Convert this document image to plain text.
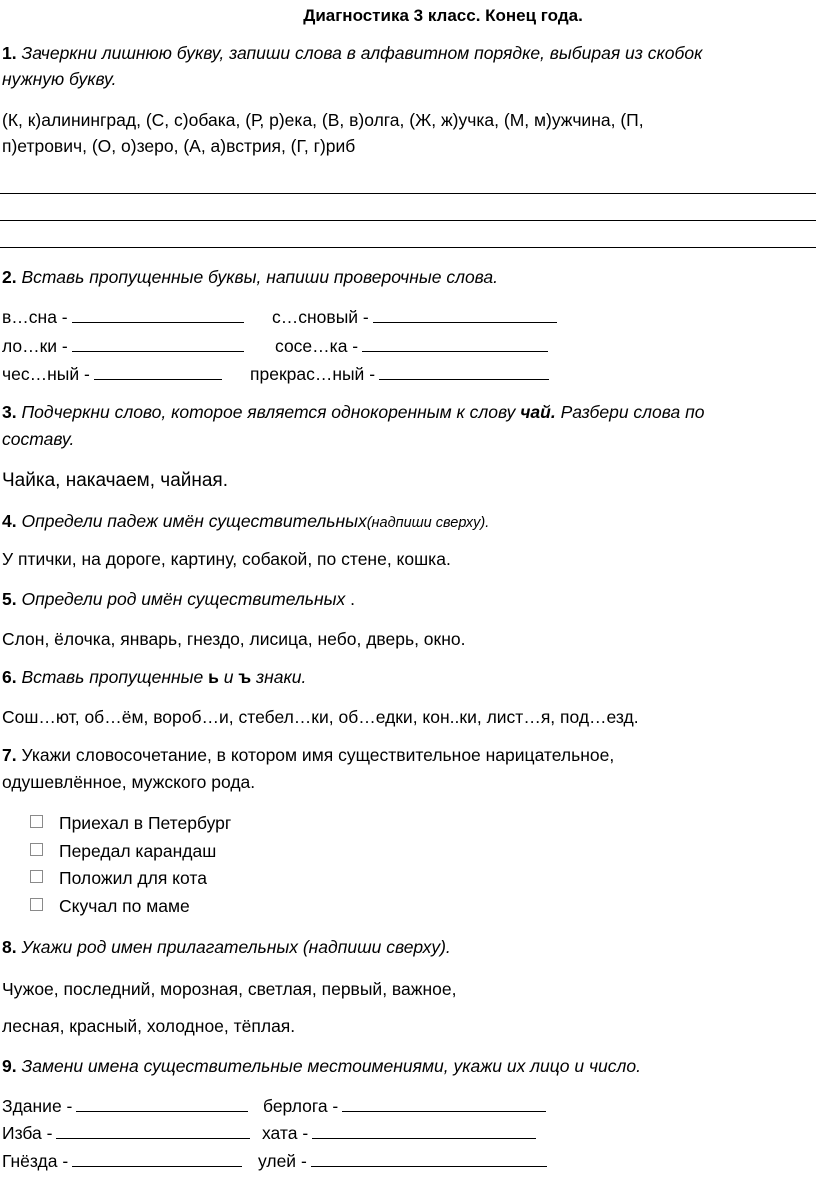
Диагностика 3 класс. Конец года.
1. Зачеркни лишнюю букву, запиши слова в алфавитном порядке, выбирая из скобок
нужную букву.
(К, к)алининград, (С, с)обака, (Р, р)ека, (В, в)олга, (Ж, ж)учка, (М, м)ужчина, (П,
п)етрович, (О, о)зеро, (А, а)встрия, (Г, г)риб
2. Вставь пропущенные буквы, напиши проверочные слова.
в…сна -	с…сновый -
ло…ки -	сосе…ка -
чес…ный -	прекрас…ный -
3. Подчеркни слово, которое является однокоренным к слову чай. Разбери слова по
составу.
Чайка, накачаем, чайная.
4. Определи падеж имён существительных(надпиши сверху).
У птички, на дороге, картину, собакой, по стене, кошка.
5. Определи род имён существительных .
Слон, ёлочка, январь, гнездо, лисица, небо, дверь, окно.
6. Вставь пропущенные ь и ъ знаки.
Сош…ют, об…ём, вороб…и, стебел…ки, об…едки, кон..ки, лист…я, под…езд.
7. Укажи словосочетание, в котором имя существительное нарицательное,
одушевлённое, мужского рода.
Приехал в Петербург
Передал карандаш
Положил для кота
Скучал по маме
8. Укажи род имен прилагательных (надпиши сверху).
Чужое, последний, морозная, светлая, первый, важное,
лесная, красный, холодное, тёплая.
9. Замени имена существительные местоимениями, укажи их лицо и число.
Здание -	берлога -
Изба -	хата -
Гнёзда -	улей -
